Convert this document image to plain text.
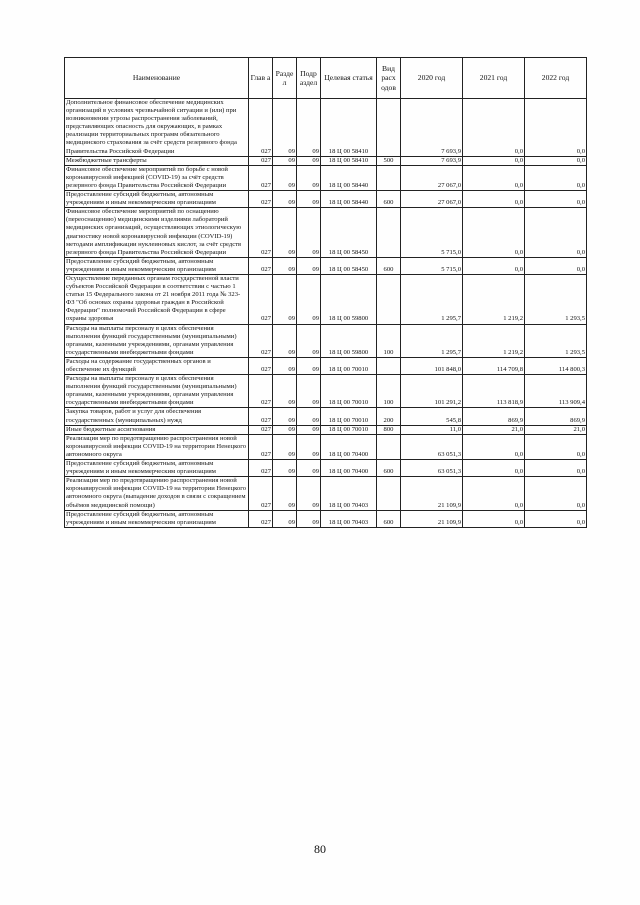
Наименование	Глав а	Разде л	Подр аздел	Целевая статья	Вид расх одов	2020 год	2021 год	2022 год
Дополнительное финансовое обеспечение медицинских организаций в условиях чрезвычайной ситуации и (или) при возникновении угрозы распространения заболеваний, представляющих опасность для окружающих, в рамках реализации территориальных программ обязательного медицинского страхования за счёт средств резервного фонда Правительства Российской Федерации	027	09	09	18 Ц 00 58410		7 693,9	0,0	0,0
Межбюджетные трансферты	027	09	09	18 Ц 00 58410	500	7 693,9	0,0	0,0
Финансовое обеспечение мероприятий по борьбе с новой коронавирусной инфекцией (COVID-19) за счёт средств резервного фонда Правительства Российской Федерации	027	09	09	18 Ц 00 58440		27 067,0	0,0	0,0
Предоставление субсидий бюджетным, автономным учреждениям и иным некоммерческим организациям	027	09	09	18 Ц 00 58440	600	27 067,0	0,0	0,0
Финансовое обеспечение мероприятий по оснащению (переоснащению) медицинскими изделиями лабораторий медицинских организаций, осуществляющих этиологическую диагностику новой коронавирусной инфекции (COVID-19) методами амплификации нуклеиновых кислот, за счёт средств резервного фонда Правительства Российской Федерации	027	09	09	18 Ц 00 58450		5 715,0	0,0	0,0
Предоставление субсидий бюджетным, автономным учреждениям и иным некоммерческим организациям	027	09	09	18 Ц 00 58450	600	5 715,0	0,0	0,0
Осуществление переданных органам государственной власти субъектов Российской Федерации в соответствии с частью 1 статьи 15 Федерального закона от 21 ноября 2011 года № 323-ФЗ "Об основах охраны здоровья граждан в Российской Федерации" полномочий Российской Федерации в сфере охраны здоровья	027	09	09	18 Ц 00 59800		1 295,7	1 219,2	1 293,5
Расходы на выплаты персоналу в целях обеспечения выполнения функций государственными (муниципальными) органами, казенными учреждениями, органами управления государственными внебюджетными фондами	027	09	09	18 Ц 00 59800	100	1 295,7	1 219,2	1 293,5
Расходы на содержание государственных органов и обеспечение их функций	027	09	09	18 Ц 00 70010		101 848,0	114 709,8	114 800,3
Расходы на выплаты персоналу в целях обеспечения выполнения функций государственными (муниципальными) органами, казенными учреждениями, органами управления государственными внебюджетными фондами	027	09	09	18 Ц 00 70010	100	101 291,2	113 818,9	113 909,4
Закупка товаров, работ и услуг для обеспечения государственных (муниципальных) нужд	027	09	09	18 Ц 00 70010	200	545,8	869,9	869,9
Иные бюджетные ассигнования	027	09	09	18 Ц 00 70010	800	11,0	21,0	21,0
Реализация мер по предотвращению распространения новой коронавирусной инфекции COVID-19 на территории Ненецкого автономного округа	027	09	09	18 Ц 00 70400		63 051,3	0,0	0,0
Предоставление субсидий бюджетным, автономным учреждениям и иным некоммерческим организациям	027	09	09	18 Ц 00 70400	600	63 051,3	0,0	0,0
Реализация мер по предотвращению распространения новой коронавирусной инфекции COVID-19 на территории Ненецкого автономного округа (выпадение доходов в связи с сокращением объёмов медицинской помощи)	027	09	09	18 Ц 00 70403		21 109,9	0,0	0,0
Предоставление субсидий бюджетным, автономным учреждениям и иным некоммерческим организациям	027	09	09	18 Ц 00 70403	600	21 109,9	0,0	0,0
80
